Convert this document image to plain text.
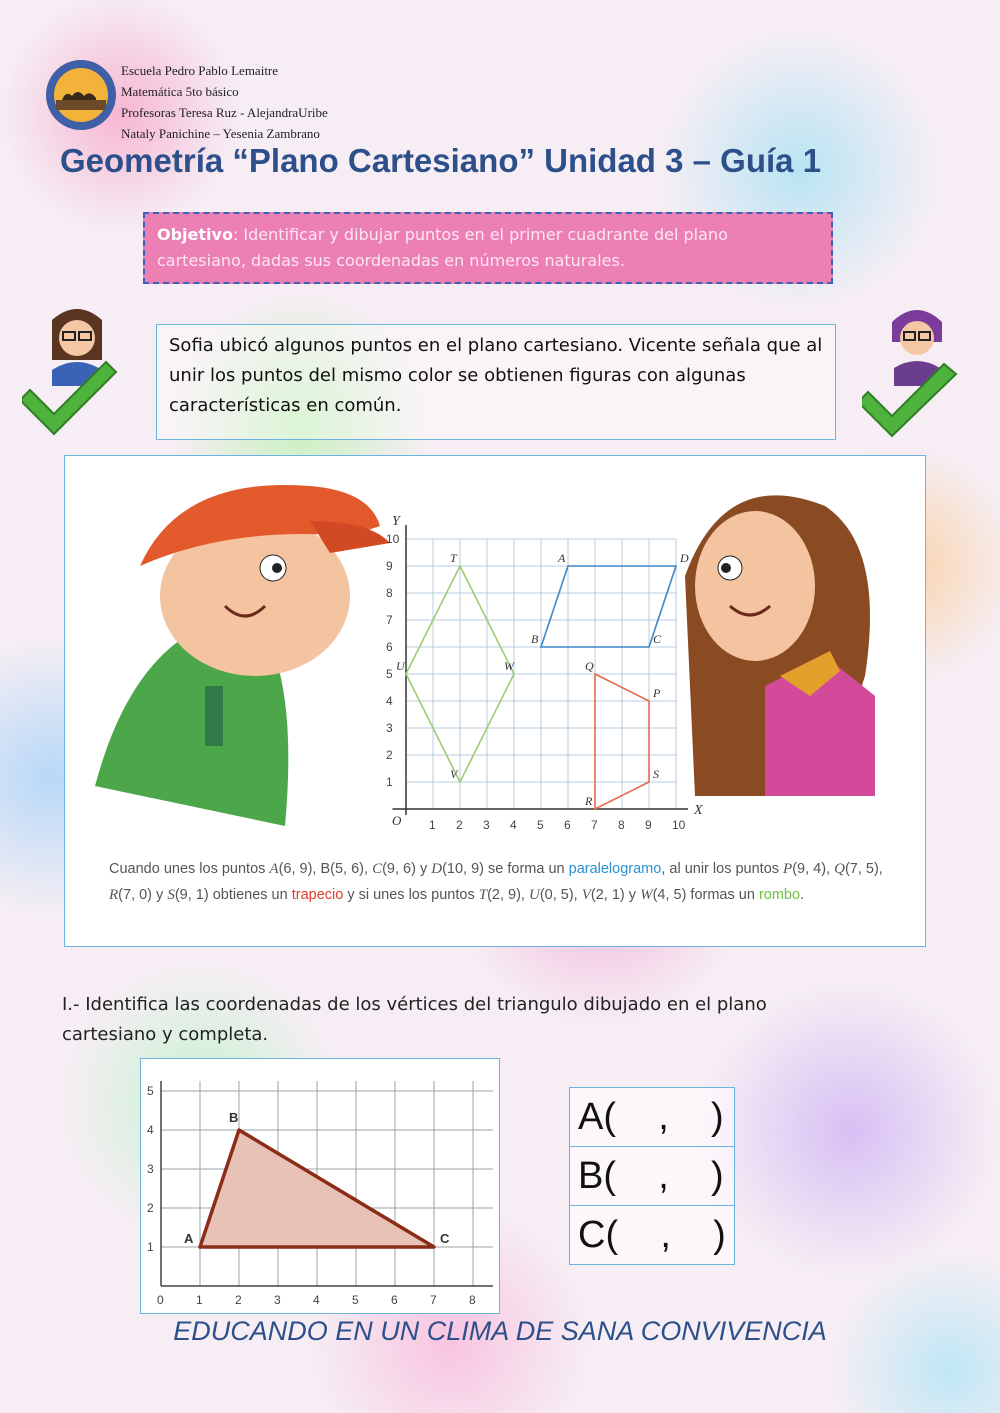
Escuela Pedro Pablo Lemaitre
Matemática 5to básico
Profesoras Teresa Ruz - AlejandraUribe
Nataly Panichine – Yesenia Zambrano
Geometría “Plano Cartesiano” Unidad 3 – Guía 1
Objetivo: Identificar y dibujar puntos en el primer cuadrante del plano cartesiano, dadas sus coordenadas en números naturales.
Sofia ubicó algunos puntos en el plano cartesiano. Vicente señala que al unir los puntos del mismo color se obtienen figuras con algunas características en común.
X
Y
O 1
1
2
2
3
3
4
4
5
5
6
6
7
7
8
8
9
9
10
10
A	D
C
B
Q
P
S
R
T
W
V
U
Cuando unes los puntos A(6, 9), B(5, 6), C(9, 6) y D(10, 9) se forma un paralelogramo, al unir los puntos P(9, 4), Q(7, 5), R(7, 0) y S(9, 1) obtienes un trapecio y si unes los puntos T(2, 9), U(0, 5), V(2, 1) y W(4, 5) formas un rombo.
I.- Identifica las coordenadas de los vértices del triangulo dibujado en el plano cartesiano y completa.
0	1	2	3	4	5	6	7	8
1
2
3
4
5
A
B
C
A(    ,    )
B(    ,    )
C(    ,    )
EDUCANDO EN UN CLIMA DE SANA CONVIVENCIA
